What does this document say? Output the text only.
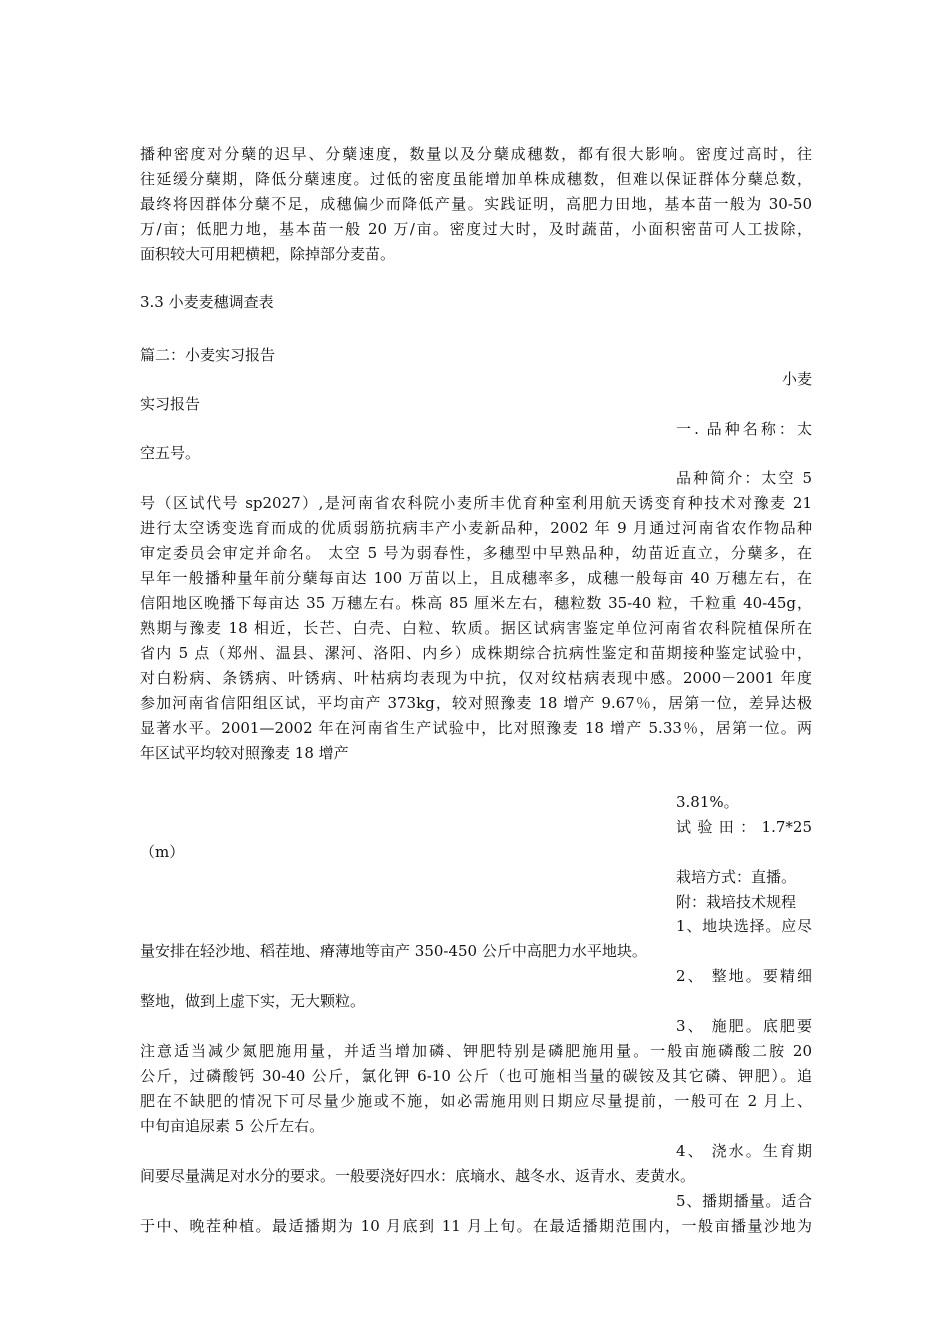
播种密度对分蘖的迟早、分蘖速度，数量以及分蘖成穗数，都有很大影响。密度过高时，往
往延缓分蘖期，降低分蘖速度。过低的密度虽能增加单株成穗数，但难以保证群体分蘖总数，
最终将因群体分蘖不足，成穗偏少而降低产量。实践证明，高肥力田地，基本苗一般为 30-50
万/亩；低肥力地，基本苗一般 20 万/亩。密度过大时，及时蔬苗，小面积密苗可人工拔除，
面积较大可用耙横耙，除掉部分麦苗。
3.3 小麦麦穗调查表
篇二：小麦实习报告
小麦
实习报告
一. 品种名称：太
空五号。
品种简介：太空 5
号（区试代号 sp2027）,是河南省农科院小麦所丰优育种室利用航天诱变育种技术对豫麦 21
进行太空诱变选育而成的优质弱筋抗病丰产小麦新品种，2002 年 9 月通过河南省农作物品种
审定委员会审定并命名。 太空 5 号为弱春性，多穗型中早熟品种，幼苗近直立，分蘖多，在
早年一般播种量年前分蘖每亩达 100 万苗以上，且成穗率多，成穗一般每亩 40 万穗左右，在
信阳地区晚播下每亩达 35 万穗左右。株高 85 厘米左右，穗粒数 35-40 粒，千粒重 40-45g，
熟期与豫麦 18 相近，长芒、白壳、白粒、软质。据区试病害鉴定单位河南省农科院植保所在
省内 5 点（郑州、温县、漯河、洛阳、内乡）成株期综合抗病性鉴定和苗期接种鉴定试验中，
对白粉病、条锈病、叶锈病、叶枯病均表现为中抗，仅对纹枯病表现中感。2000－2001 年度
参加河南省信阳组区试，平均亩产 373kg，较对照豫麦 18 增产 9.67％，居第一位，差异达极
显著水平。2001—2002 年在河南省生产试验中，比对照豫麦 18 增产 5.33％，居第一位。两
年区试平均较对照豫麦 18 增产
3.81%。
试 验 田 ： 1.7*25
（m）
栽培方式：直播。
附：栽培技术规程
1、地块选择。应尽
量安排在轻沙地、稻茬地、瘠薄地等亩产 350-450 公斤中高肥力水平地块。
2、 整地。要精细
整地，做到上虚下实，无大颗粒。
3、 施肥。底肥要
注意适当减少氮肥施用量，并适当增加磷、钾肥特别是磷肥施用量。一般亩施磷酸二胺 20
公斤，过磷酸钙 30-40 公斤，氯化钾 6-10 公斤（也可施相当量的碳铵及其它磷、钾肥）。追
肥在不缺肥的情况下可尽量少施或不施，如必需施用则日期应尽量提前，一般可在 2 月上、
中旬亩追尿素 5 公斤左右。
4、 浇水。生育期
间要尽量满足对水分的要求。一般要浇好四水：底墒水、越冬水、返青水、麦黄水。
5、播期播量。适合
于中、晚茬种植。最适播期为 10 月底到 11 月上旬。在最适播期范围内，一般亩播量沙地为
